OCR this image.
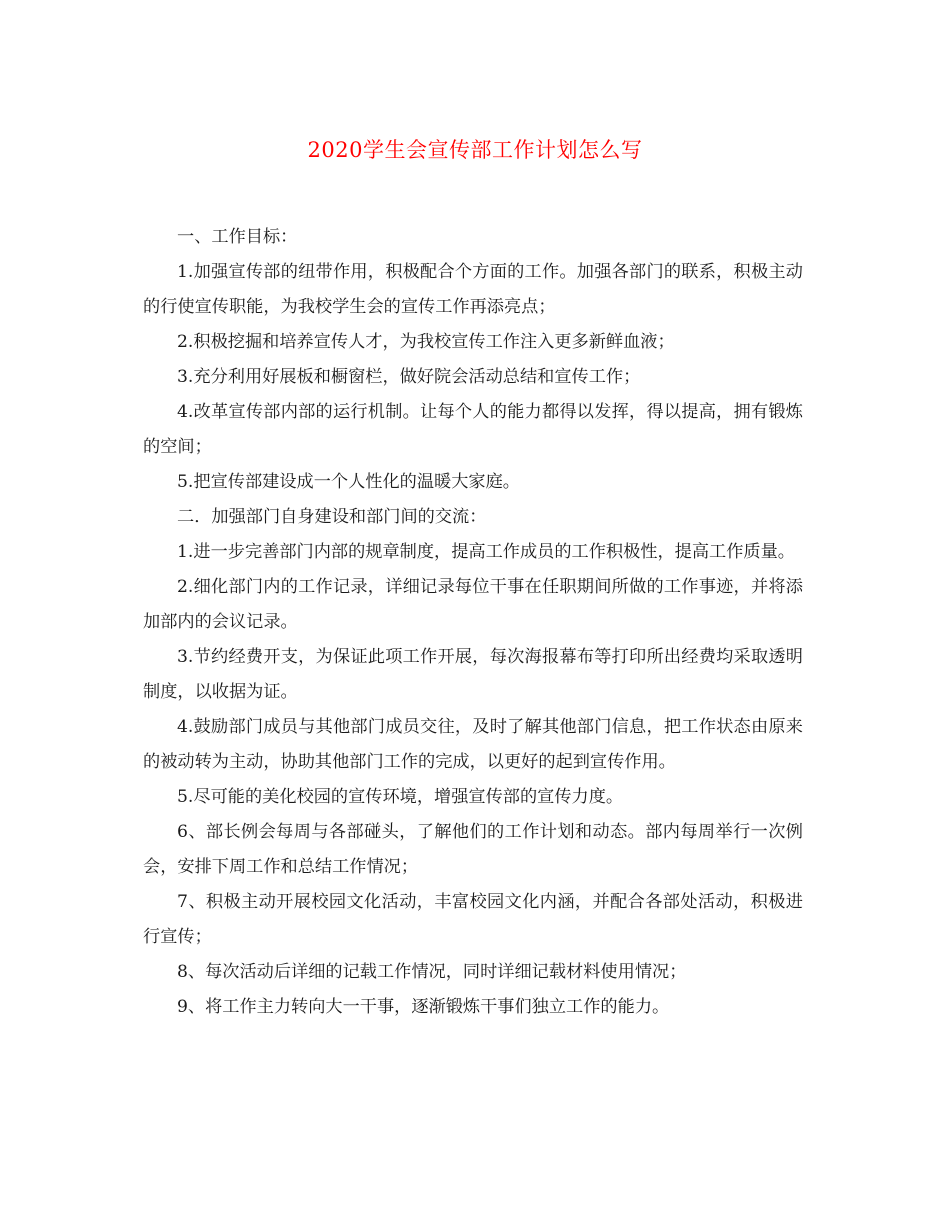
2020学生会宣传部工作计划怎么写

一、工作目标：

1.加强宣传部的纽带作用，积极配合个方面的工作。加强各部门的联系，积极主动的行使宣传职能，为我校学生会的宣传工作再添亮点；

2.积极挖掘和培养宣传人才，为我校宣传工作注入更多新鲜血液；

3.充分利用好展板和橱窗栏，做好院会活动总结和宣传工作；

4.改革宣传部内部的运行机制。让每个人的能力都得以发挥，得以提高，拥有锻炼的空间；

5.把宣传部建设成一个人性化的温暖大家庭。

二．加强部门自身建设和部门间的交流：

1.进一步完善部门内部的规章制度，提高工作成员的工作积极性，提高工作质量。

2.细化部门内的工作记录，详细记录每位干事在任职期间所做的工作事迹，并将添加部内的会议记录。

3.节约经费开支，为保证此项工作开展，每次海报幕布等打印所出经费均采取透明制度，以收据为证。

4.鼓励部门成员与其他部门成员交往，及时了解其他部门信息，把工作状态由原来的被动转为主动，协助其他部门工作的完成，以更好的起到宣传作用。

5.尽可能的美化校园的宣传环境，增强宣传部的宣传力度。

6、部长例会每周与各部碰头，了解他们的工作计划和动态。部内每周举行一次例会，安排下周工作和总结工作情况；

7、积极主动开展校园文化活动，丰富校园文化内涵，并配合各部处活动，积极进行宣传；

8、每次活动后详细的记载工作情况，同时详细记载材料使用情况；

9、将工作主力转向大一干事，逐渐锻炼干事们独立工作的能力。
